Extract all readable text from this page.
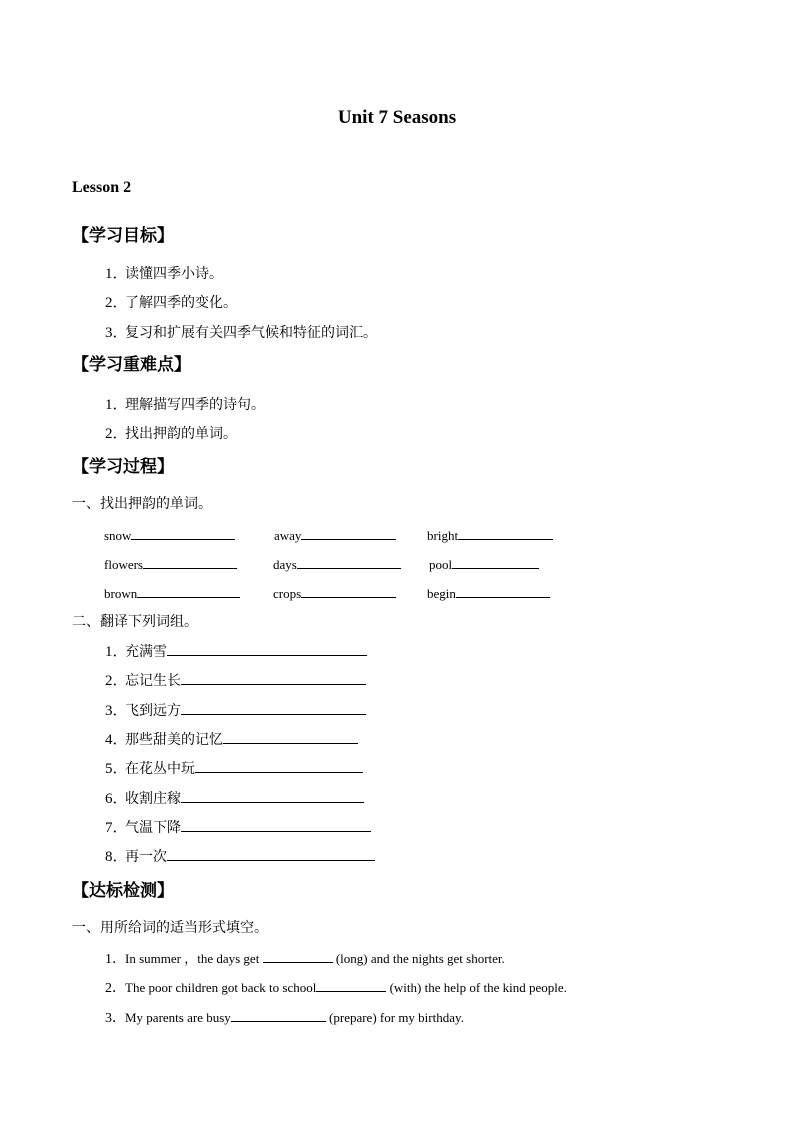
Unit 7 Seasons
Lesson 2
【学习目标】
1．读懂四季小诗。
2．了解四季的变化。
3．复习和扩展有关四季气候和特征的词汇。
【学习重难点】
1．理解描写四季的诗句。
2．找出押韵的单词。
【学习过程】
一、找出押韵的单词。
snow	away	bright
flowers	days	pool
brown	crops	begin
二、翻译下列词组。
1．充满雪
2．忘记生长
3．飞到远方
4．那些甜美的记忆
5．在花丛中玩
6．收割庄稼
7．气温下降
8．再一次
【达标检测】
一、用所给词的适当形式填空。
1．In summer ，the days get	(long) and the nights get shorter.
2．The poor children got back to school	(with) the help of the kind people.
3．My parents are busy	(prepare) for my birthday.
